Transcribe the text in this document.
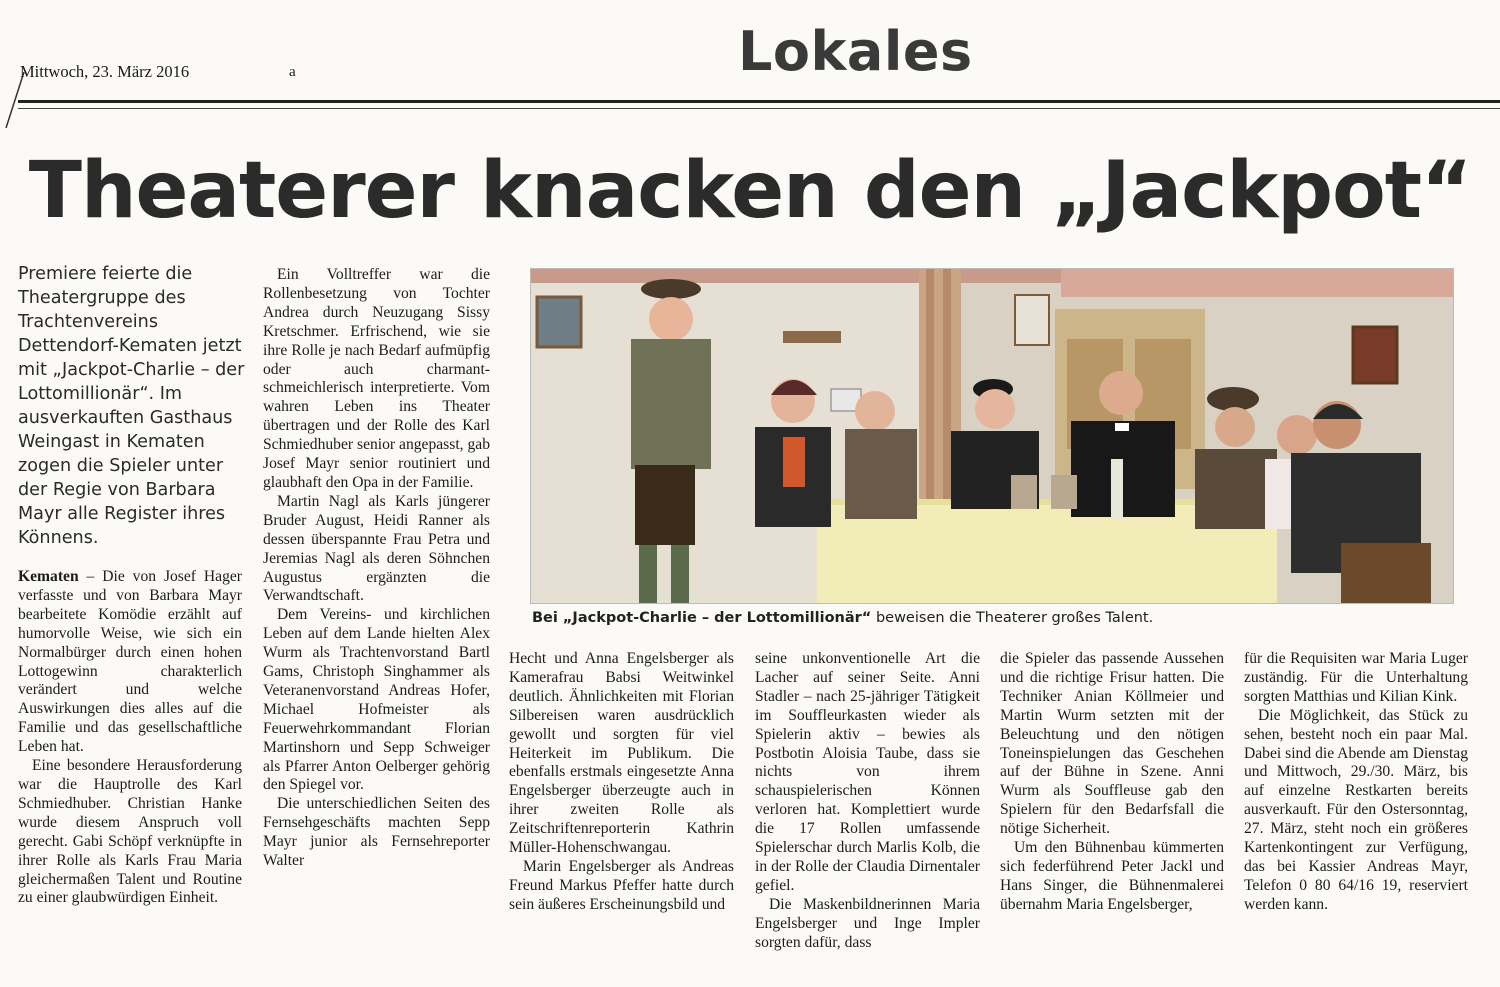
Mittwoch, 23. März 2016	a	Lokales
Theaterer knacken den „Jackpot“
Premiere feierte die Theatergruppe des Trachtenvereins Dettendorf-Kematen jetzt mit „Jackpot-Charlie – der Lottomillionär“. Im ausverkauften Gasthaus Weingast in Kematen zogen die Spieler unter der Regie von Barbara Mayr alle Register ihres Könnens.

Kematen – Die von Josef Hager verfasste und von Barbara Mayr bearbeitete Komödie erzählt auf humorvolle Weise, wie sich ein Normalbürger durch einen hohen Lottogewinn charakterlich verändert und welche Auswirkungen dies alles auf die Familie und das gesellschaftliche Leben hat.

Eine besondere Herausforderung war die Hauptrolle des Karl Schmiedhuber. Christian Hanke wurde diesem Anspruch voll gerecht. Gabi Schöpf verknüpfte in ihrer Rolle als Karls Frau Maria gleichermaßen Talent und Routine zu einer glaubwürdigen Einheit.

Ein Volltreffer war die Rollenbesetzung von Tochter Andrea durch Neuzugang Sissy Kretschmer. Erfrischend, wie sie ihre Rolle je nach Bedarf aufmüpfig oder auch charmant-schmeichlerisch interpretierte. Vom wahren Leben ins Theater übertragen und der Rolle des Karl Schmiedhuber senior angepasst, gab Josef Mayr senior routiniert und glaubhaft den Opa in der Familie.

Martin Nagl als Karls jüngerer Bruder August, Heidi Ranner als dessen überspannte Frau Petra und Jeremias Nagl als deren Söhnchen Augustus ergänzten die Verwandtschaft.

Dem Vereins- und kirchlichen Leben auf dem Lande hielten Alex Wurm als Trachtenvorstand Bartl Gams, Christoph Singhammer als Veteranenvorstand Andreas Hofer, Michael Hofmeister als Feuerwehrkommandant Florian Martinshorn und Sepp Schweiger als Pfarrer Anton Oelberger gehörig den Spiegel vor.

Die unterschiedlichen Seiten des Fernsehgeschäfts machten Sepp Mayr junior als Fernsehreporter Walter

Bei „Jackpot-Charlie – der Lottomillionär“ beweisen die Theaterer großes Talent.

Hecht und Anna Engelsberger als Kamerafrau Babsi Weitwinkel deutlich. Ähnlichkeiten mit Florian Silbereisen waren ausdrücklich gewollt und sorgten für viel Heiterkeit im Publikum. Die ebenfalls erstmals eingesetzte Anna Engelsberger überzeugte auch in ihrer zweiten Rolle als Zeitschriftenreporterin Kathrin Müller-Hohenschwangau.

Marin Engelsberger als Andreas Freund Markus Pfeffer hatte durch sein äußeres Erscheinungsbild und

seine unkonventionelle Art die Lacher auf seiner Seite. Anni Stadler – nach 25-jähriger Tätigkeit im Souffleurkasten wieder als Spielerin aktiv – bewies als Postbotin Aloisia Taube, dass sie nichts von ihrem schauspielerischen Können verloren hat. Komplettiert wurde die 17 Rollen umfassende Spielerschar durch Marlis Kolb, die in der Rolle der Claudia Dirnentaler gefiel.

Die Maskenbildnerinnen Maria Engelsberger und Inge Impler sorgten dafür, dass

die Spieler das passende Aussehen und die richtige Frisur hatten. Die Techniker Anian Köllmeier und Martin Wurm setzten mit der Beleuchtung und den nötigen Toneinspielungen das Geschehen auf der Bühne in Szene. Anni Wurm als Souffleuse gab den Spielern für den Bedarfsfall die nötige Sicherheit.

Um den Bühnenbau kümmerten sich federführend Peter Jackl und Hans Singer, die Bühnenmalerei übernahm Maria Engelsberger,

für die Requisiten war Maria Luger zuständig. Für die Unterhaltung sorgten Matthias und Kilian Kink.

Die Möglichkeit, das Stück zu sehen, besteht noch ein paar Mal. Dabei sind die Abende am Dienstag und Mittwoch, 29./30. März, bis auf einzelne Restkarten bereits ausverkauft. Für den Ostersonntag, 27. März, steht noch ein größeres Kartenkontingent zur Verfügung, das bei Kassier Andreas Mayr, Telefon 0 80 64/16 19, reserviert werden kann.
